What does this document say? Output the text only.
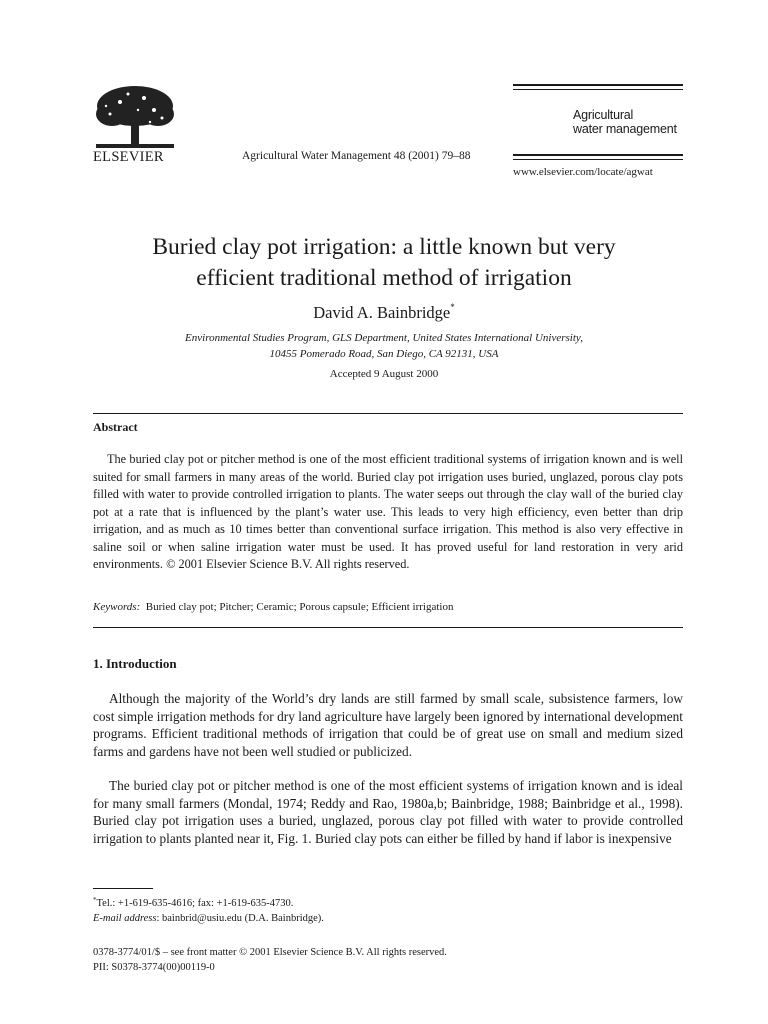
ELSEVIER	Agricultural Water Management 48 (2001) 79–88
Agricultural
water management
www.elsevier.com/locate/agwat
Buried clay pot irrigation: a little known but very
efficient traditional method of irrigation
David A. Bainbridge*
Environmental Studies Program, GLS Department, United States International University,
10455 Pomerado Road, San Diego, CA 92131, USA
Accepted 9 August 2000
Abstract

The buried clay pot or pitcher method is one of the most efficient traditional systems of irrigation known and is well suited for small farmers in many areas of the world. Buried clay pot irrigation uses buried, unglazed, porous clay pots filled with water to provide controlled irrigation to plants. The water seeps out through the clay wall of the buried clay pot at a rate that is influenced by the plant’s water use. This leads to very high efficiency, even better than drip irrigation, and as much as 10 times better than conventional surface irrigation. This method is also very effective in saline soil or when saline irrigation water must be used. It has proved useful for land restoration in very arid environments. © 2001 Elsevier Science B.V. All rights reserved.

Keywords: Buried clay pot; Pitcher; Ceramic; Porous capsule; Efficient irrigation
1. Introduction

Although the majority of the World’s dry lands are still farmed by small scale, subsistence farmers, low cost simple irrigation methods for dry land agriculture have largely been ignored by international development programs. Efficient traditional methods of irrigation that could be of great use on small and medium sized farms and gardens have not been well studied or publicized.

The buried clay pot or pitcher method is one of the most efficient systems of irrigation known and is ideal for many small farmers (Mondal, 1974; Reddy and Rao, 1980a,b; Bainbridge, 1988; Bainbridge et al., 1998). Buried clay pot irrigation uses a buried, unglazed, porous clay pot filled with water to provide controlled irrigation to plants planted near it, Fig. 1. Buried clay pots can either be filled by hand if labor is inexpensive

*Tel.: +1-619-635-4616; fax: +1-619-635-4730.
E-mail address: bainbrid@usiu.edu (D.A. Bainbridge).
0378-3774/01/$ – see front matter © 2001 Elsevier Science B.V. All rights reserved.
PII: S0378-3774(00)00119-0
